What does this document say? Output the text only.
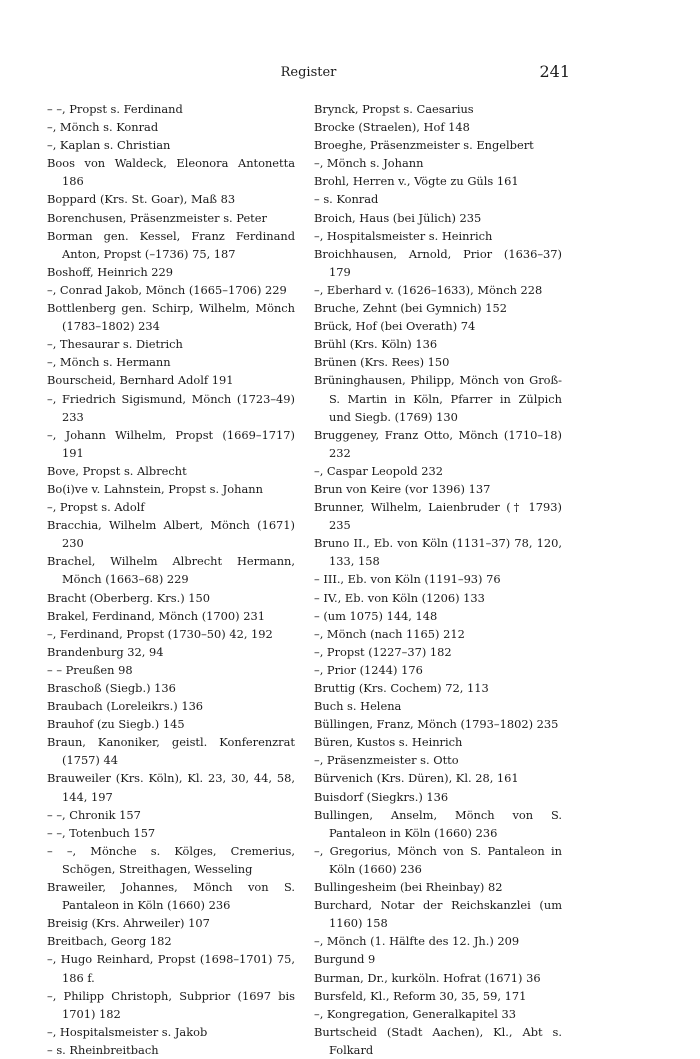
Register	241
– –, Propst s. Ferdinand
–, Mönch s. Konrad
–, Kaplan s. Christian
Boos von Waldeck, Eleonora Antonetta 186
Boppard (Krs. St. Goar), Maß 83
Borenchusen, Präsenzmeister s. Peter
Borman gen. Kessel, Franz Ferdinand Anton, Propst (–1736) 75, 187
Boshoff, Heinrich 229
–, Conrad Jakob, Mönch (1665–1706) 229
Bottlenberg gen. Schirp, Wilhelm, Mönch (1783–1802) 234
–, Thesaurar s. Dietrich
–, Mönch s. Hermann
Bourscheid, Bernhard Adolf 191
–, Friedrich Sigismund, Mönch (1723–49) 233
–, Johann Wilhelm, Propst (1669–1717) 191
Bove, Propst s. Albrecht
Bo(i)ve v. Lahnstein, Propst s. Johann
–, Propst s. Adolf
Bracchia, Wilhelm Albert, Mönch (1671) 230
Brachel, Wilhelm Albrecht Hermann, Mönch (1663–68) 229
Bracht (Oberberg. Krs.) 150
Brakel, Ferdinand, Mönch (1700) 231
–, Ferdinand, Propst (1730–50) 42, 192
Brandenburg 32, 94
– – Preußen 98
Braschoß (Siegb.) 136
Braubach (Loreleikrs.) 136
Brauhof (zu Siegb.) 145
Braun, Kanoniker, geistl. Konferenzrat (1757) 44
Brauweiler (Krs. Köln), Kl. 23, 30, 44, 58, 144, 197
– –, Chronik 157
– –, Totenbuch 157
– –, Mönche s. Kölges, Cremerius, Schögen, Streithagen, Wesseling
Braweiler, Johannes, Mönch von S. Pantaleon in Köln (1660) 236
Breisig (Krs. Ahrweiler) 107
Breitbach, Georg 182
–, Hugo Reinhard, Propst (1698–1701) 75, 186 f.
–, Philipp Christoph, Subprior (1697 bis 1701) 182
–, Hospitalsmeister s. Jakob
– s. Rheinbreitbach
Brynck, Propst s. Caesarius
Brocke (Straelen), Hof 148
Broeghe, Präsenzmeister s. Engelbert
–, Mönch s. Johann
Brohl, Herren v., Vögte zu Güls 161
– s. Konrad
Broich, Haus (bei Jülich) 235
–, Hospitalsmeister s. Heinrich
Broichhausen, Arnold, Prior (1636–37) 179
–, Eberhard v. (1626–1633), Mönch 228
Bruche, Zehnt (bei Gymnich) 152
Brück, Hof (bei Overath) 74
Brühl (Krs. Köln) 136
Brünen (Krs. Rees) 150
Brüninghausen, Philipp, Mönch von Groß-S. Martin in Köln, Pfarrer in Zülpich und Siegb. (1769) 130
Bruggeney, Franz Otto, Mönch (1710–18) 232
–, Caspar Leopold 232
Brun von Keire (vor 1396) 137
Brunner, Wilhelm, Laienbruder († 1793) 235
Bruno II., Eb. von Köln (1131–37) 78, 120, 133, 158
– III., Eb. von Köln (1191–93) 76
– IV., Eb. von Köln (1206) 133
– (um 1075) 144, 148
–, Mönch (nach 1165) 212
–, Propst (1227–37) 182
–, Prior (1244) 176
Bruttig (Krs. Cochem) 72, 113
Buch s. Helena
Büllingen, Franz, Mönch (1793–1802) 235
Büren, Kustos s. Heinrich
–, Präsenzmeister s. Otto
Bürvenich (Krs. Düren), Kl. 28, 161
Buisdorf (Siegkrs.) 136
Bullingen, Anselm, Mönch von S. Pantaleon in Köln (1660) 236
–, Gregorius, Mönch von S. Pantaleon in Köln (1660) 236
Bullingesheim (bei Rheinbay) 82
Burchard, Notar der Reichskanzlei (um 1160) 158
–, Mönch (1. Hälfte des 12. Jh.) 209
Burgund 9
Burman, Dr., kurköln. Hofrat (1671) 36
Bursfeld, Kl., Reform 30, 35, 59, 171
–, Kongregation, Generalkapitel 33
Burtscheid (Stadt Aachen), Kl., Abt s. Folkard
